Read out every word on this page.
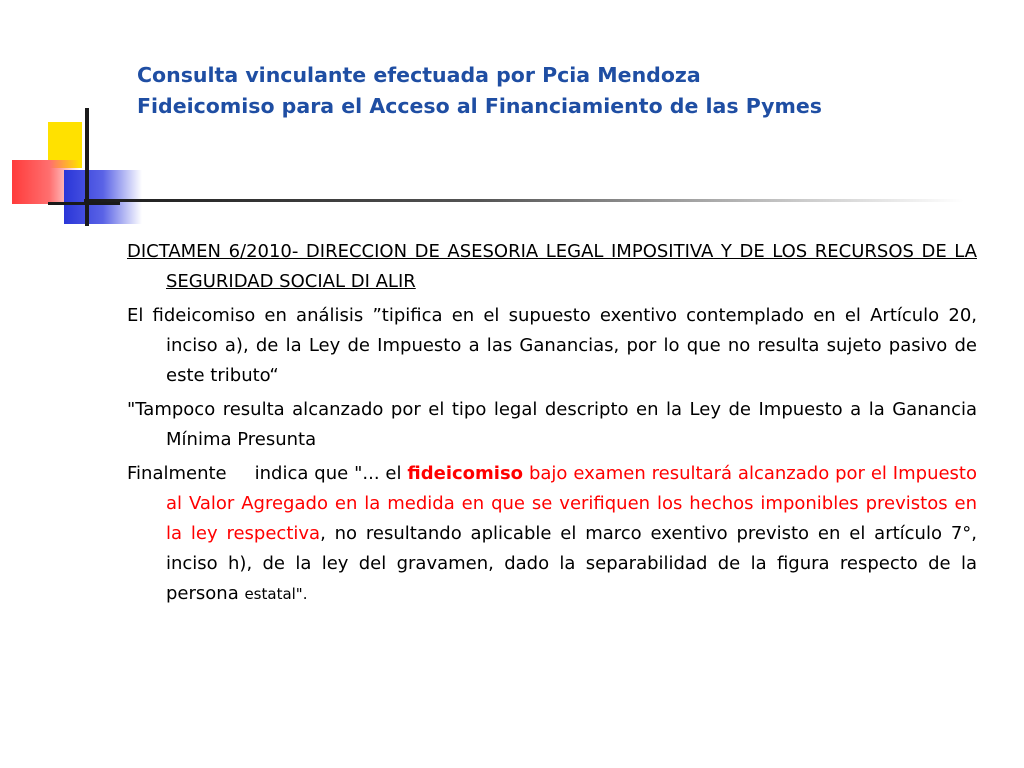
Consulta vinculante efectuada por Pcia Mendoza
Fideicomiso para el Acceso al Financiamiento de las Pymes

DICTAMEN 6/2010- DIRECCION DE ASESORIA LEGAL IMPOSITIVA Y DE LOS RECURSOS DE LA SEGURIDAD SOCIAL DI ALIR

El fideicomiso en análisis ”tipifica en el supuesto exentivo contemplado en el Artículo 20, inciso a), de la Ley de Impuesto a las Ganancias, por lo que no resulta sujeto pasivo de este tributo“

"Tampoco resulta alcanzado por el tipo legal descripto en la Ley de Impuesto a la Ganancia Mínima Presunta

Finalmente indica que "... el fideicomiso bajo examen resultará alcanzado por el Impuesto al Valor Agregado en la medida en que se verifiquen los hechos imponibles previstos en la ley respectiva, no resultando aplicable el marco exentivo previsto en el artículo 7°, inciso h), de la ley del gravamen, dado la separabilidad de la figura respecto de la persona estatal".
